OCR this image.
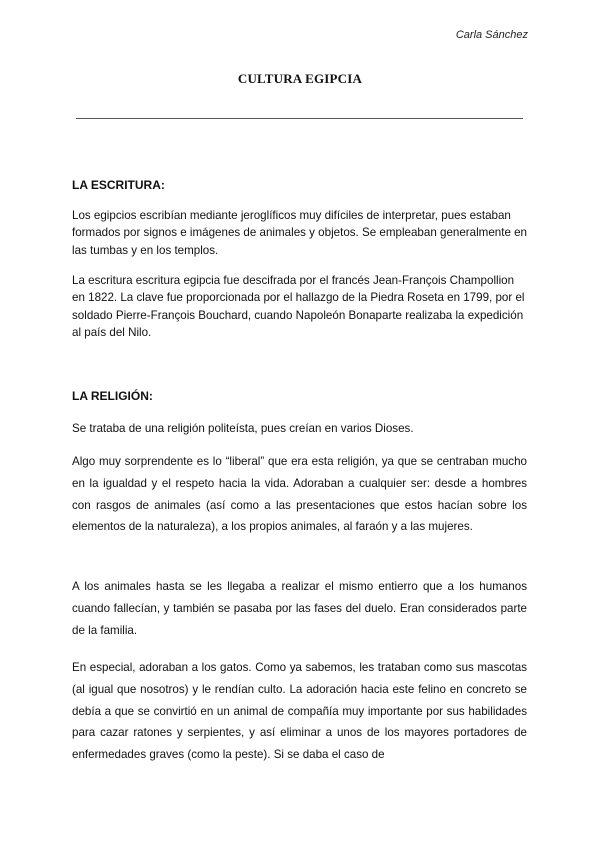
Carla Sánchez
CULTURA EGIPCIA
LA ESCRITURA:

Los egipcios escribían mediante jeroglíficos muy difíciles de interpretar, pues estaban formados por signos e imágenes de animales y objetos. Se empleaban generalmente en las tumbas y en los templos.

La escritura escritura egipcia fue descifrada por el francés Jean-François Champollion en 1822. La clave fue proporcionada por el hallazgo de la Piedra Roseta en 1799, por el soldado Pierre-François Bouchard, cuando Napoleón Bonaparte realizaba la expedición al país del Nilo.

LA RELIGIÓN:

Se trataba de una religión politeísta, pues creían en varios Dioses.

Algo muy sorprendente es lo “liberal” que era esta religión, ya que se centraban mucho en la igualdad y el respeto hacia la vida. Adoraban a cualquier ser: desde a hombres con rasgos de animales (así como a las presentaciones que estos hacían sobre los elementos de la naturaleza), a los propios animales, al faraón y a las mujeres.

A los animales hasta se les llegaba a realizar el mismo entierro que a los humanos cuando fallecían, y también se pasaba por las fases del duelo. Eran considerados parte de la familia.

En especial, adoraban a los gatos. Como ya sabemos, les trataban como sus mascotas (al igual que nosotros) y le rendían culto. La adoración hacia este felino en concreto se debía a que se convirtió en un animal de compañía muy importante por sus habilidades para cazar ratones y serpientes, y así eliminar a unos de los mayores portadores de enfermedades graves (como la peste). Si se daba el caso de
